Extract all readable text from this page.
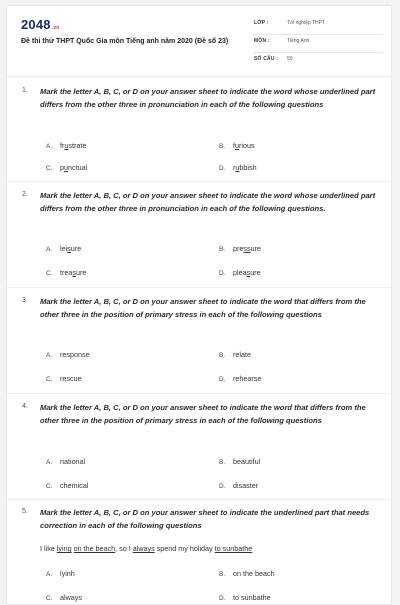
2048.vn
Đề thi thử THPT Quốc Gia môn Tiếng anh năm 2020 (Đề số 23)
LỚP :	Tốt nghiệp THPT
MÔN :	Tiếng Anh
SỐ CÂU : 50
1. Mark the letter A, B, C, or D on your answer sheet to indicate the word whose underlined part differs from the other three in pronunciation in each of the following questions
A. frustrate	B. furious
C. punctual	D. rubbish
2. Mark the letter A, B, C, or D on your answer sheet to indicate the word whose underlined part differs from the other three in pronunciation in each of the following questions.
A. leisure	B. pressure
C. treasure	D. pleasure
3. Mark the letter A, B, C, or D on your answer sheet to indicate the word that differs from the other three in the position of primary stress in each of the following questions
A. response	B. relate
C. rescue	D. rehearse
4. Mark the letter A, B, C, or D on your answer sheet to indicate the word that differs from the other three in the position of primary stress in each of the following questions
A. national	B. beautiful
C. chemical	D. disaster
5. Mark the letter A, B, C, or D on your answer sheet to indicate the underlined part that needs correction in each of the following questions
I like lying on the beach, so I always spend my holiday to sunbathe
A. lyinh	B. on the beach
C. always	D. to sunbathe
